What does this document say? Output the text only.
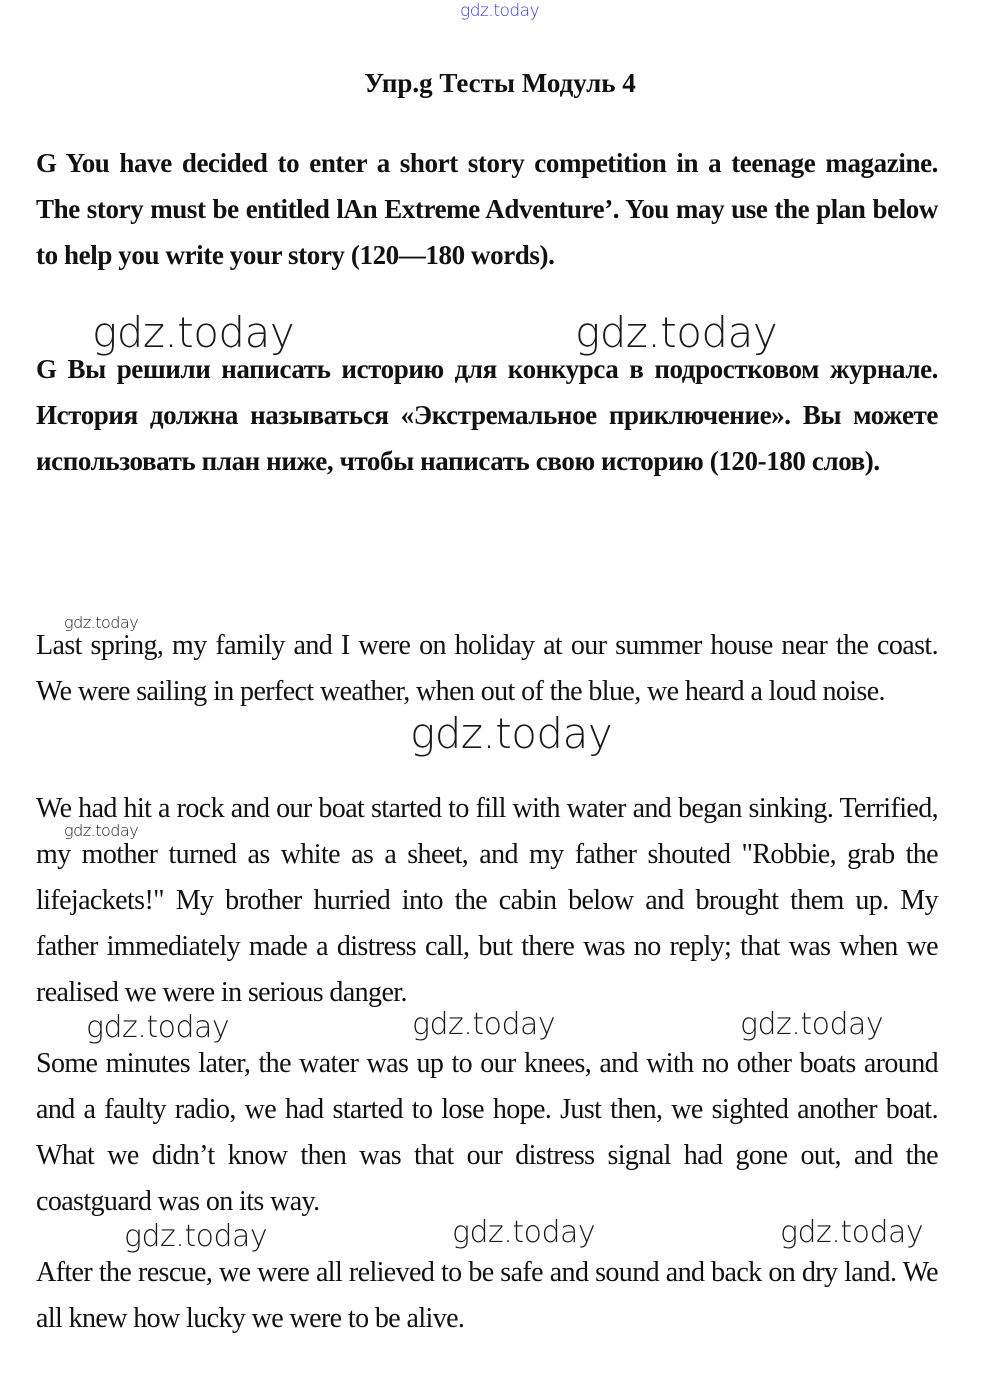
gdz.today
Упр.g Тесты Модуль 4
G You have decided to enter a short story competition in a teenage magazine. The story must be entitled lAn Extreme Adventure’. You may use the plan below to help you write your story (120—180 words).
gdz.today	gdz.today
G Вы решили написать историю для конкурса в подростковом журнале. История должна называться «Экстремальное приключение». Вы можете использовать план ниже, чтобы написать свою историю (120-180 слов).
gdz.today
Last spring, my family and I were on holiday at our summer house near the coast. We were sailing in perfect weather, when out of the blue, we heard a loud noise.
gdz.today
We had hit a rock and our boat started to fill with water and began sinking. Terrified, my mother turned as white as a sheet, and my father shouted "Robbie, grab the lifejackets!" My brother hurried into the cabin below and brought them up. My father immediately made a distress call, but there was no reply; that was when we realised we were in serious danger.
gdz.today
gdz.today	gdz.today	gdz.today
Some minutes later, the water was up to our knees, and with no other boats around and a faulty radio, we had started to lose hope. Just then, we sighted another boat. What we didn’t know then was that our distress signal had gone out, and the coastguard was on its way.
gdz.today	gdz.today	gdz.today
After the rescue, we were all relieved to be safe and sound and back on dry land. We all knew how lucky we were to be alive.
